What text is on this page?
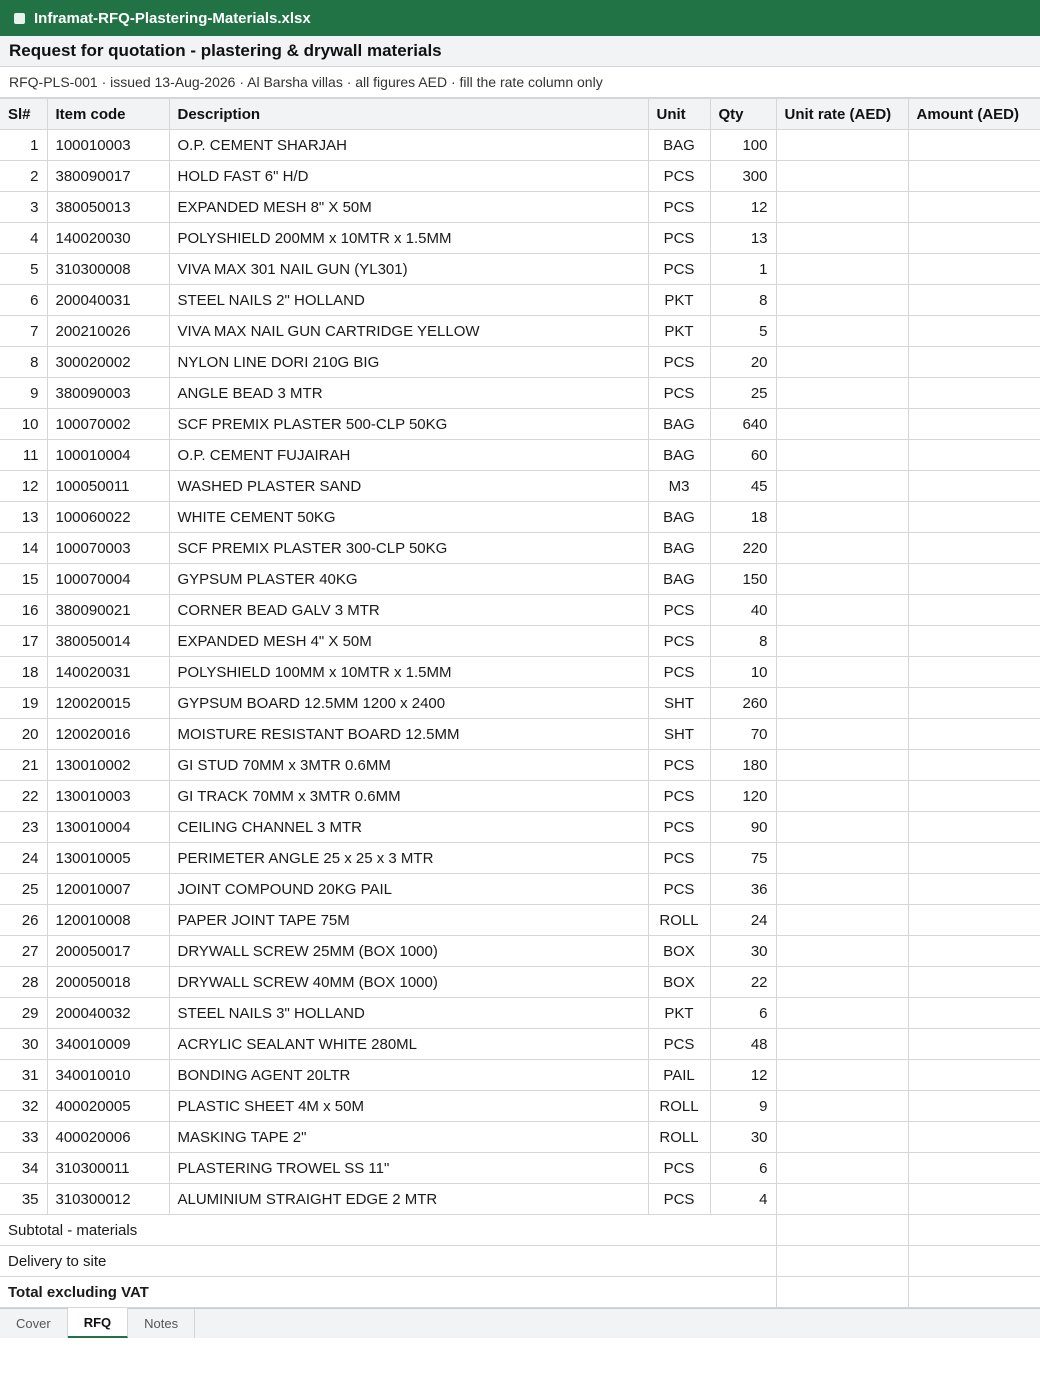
Inframat-RFQ-Plastering-Materials.xlsx
Request for quotation - plastering & drywall materials
RFQ-PLS-001 · issued 13-Aug-2026 · Al Barsha villas · all figures AED · fill the rate column only
Sl#	Item code	Description	Unit	Qty	Unit rate (AED)	Amount (AED)
1	100010003	O.P. CEMENT SHARJAH	BAG	100		
2	380090017	HOLD FAST 6" H/D	PCS	300		
3	380050013	EXPANDED MESH 8" X 50M	PCS	12		
4	140020030	POLYSHIELD 200MM x 10MTR x 1.5MM	PCS	13		
5	310300008	VIVA MAX 301 NAIL GUN (YL301)	PCS	1		
6	200040031	STEEL NAILS 2" HOLLAND	PKT	8		
7	200210026	VIVA MAX NAIL GUN CARTRIDGE YELLOW	PKT	5		
8	300020002	NYLON LINE DORI 210G BIG	PCS	20		
9	380090003	ANGLE BEAD 3 MTR	PCS	25		
10	100070002	SCF PREMIX PLASTER 500-CLP 50KG	BAG	640		
11	100010004	O.P. CEMENT FUJAIRAH	BAG	60		
12	100050011	WASHED PLASTER SAND	M3	45		
13	100060022	WHITE CEMENT 50KG	BAG	18		
14	100070003	SCF PREMIX PLASTER 300-CLP 50KG	BAG	220		
15	100070004	GYPSUM PLASTER 40KG	BAG	150		
16	380090021	CORNER BEAD GALV 3 MTR	PCS	40		
17	380050014	EXPANDED MESH 4" X 50M	PCS	8		
18	140020031	POLYSHIELD 100MM x 10MTR x 1.5MM	PCS	10		
19	120020015	GYPSUM BOARD 12.5MM 1200 x 2400	SHT	260		
20	120020016	MOISTURE RESISTANT BOARD 12.5MM	SHT	70		
21	130010002	GI STUD 70MM x 3MTR 0.6MM	PCS	180		
22	130010003	GI TRACK 70MM x 3MTR 0.6MM	PCS	120		
23	130010004	CEILING CHANNEL 3 MTR	PCS	90		
24	130010005	PERIMETER ANGLE 25 x 25 x 3 MTR	PCS	75		
25	120010007	JOINT COMPOUND 20KG PAIL	PCS	36		
26	120010008	PAPER JOINT TAPE 75M	ROLL	24		
27	200050017	DRYWALL SCREW 25MM (BOX 1000)	BOX	30		
28	200050018	DRYWALL SCREW 40MM (BOX 1000)	BOX	22		
29	200040032	STEEL NAILS 3" HOLLAND	PKT	6		
30	340010009	ACRYLIC SEALANT WHITE 280ML	PCS	48		
31	340010010	BONDING AGENT 20LTR	PAIL	12		
32	400020005	PLASTIC SHEET 4M x 50M	ROLL	9		
33	400020006	MASKING TAPE 2"	ROLL	30		
34	310300011	PLASTERING TROWEL SS 11"	PCS	6		
35	310300012	ALUMINIUM STRAIGHT EDGE 2 MTR	PCS	4		
Subtotal - materials						
Delivery to site						
Total excluding VAT						
Cover	RFQ	Notes
